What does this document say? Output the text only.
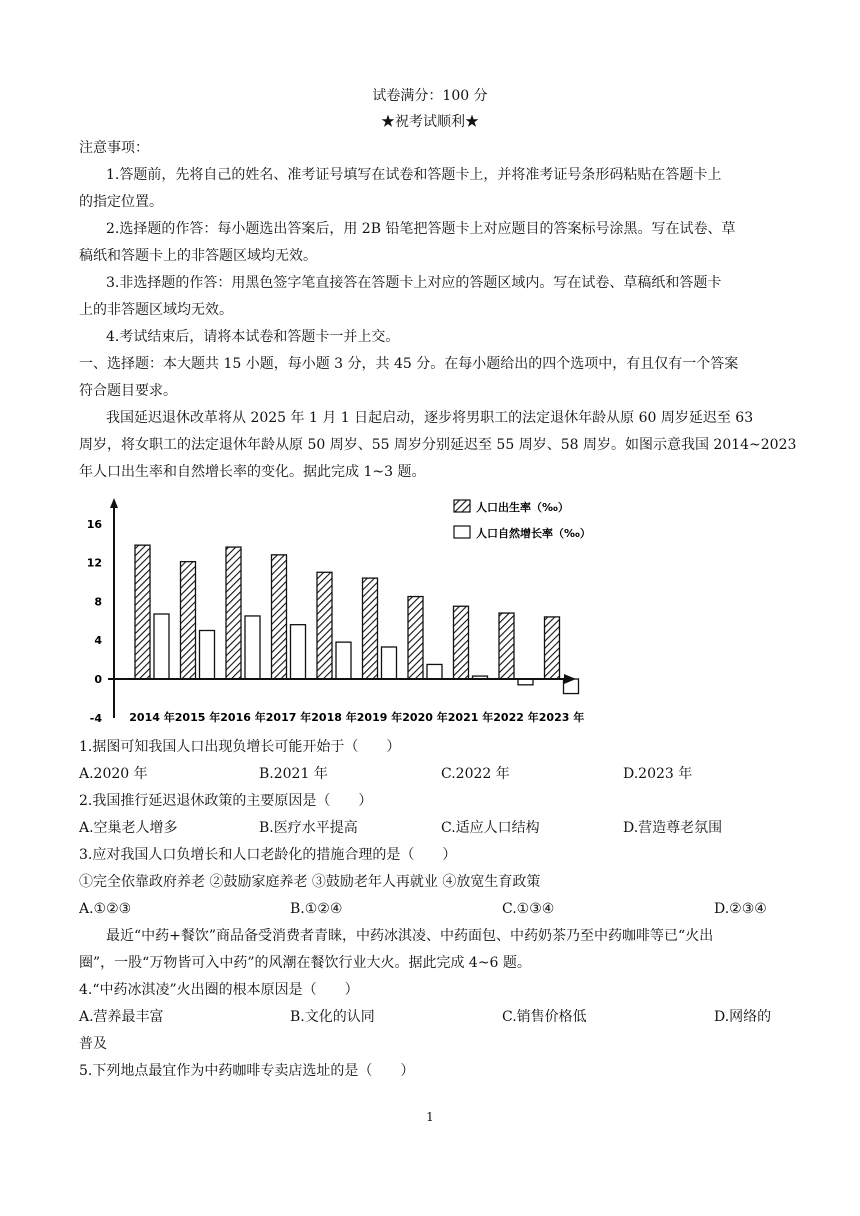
试卷满分：100 分
★祝考试顺利★
注意事项：
1.答题前，先将自己的姓名、准考证号填写在试卷和答题卡上，并将准考证号条形码粘贴在答题卡上
的指定位置。
2.选择题的作答：每小题选出答案后，用 2B 铅笔把答题卡上对应题目的答案标号涂黑。写在试卷、草
稿纸和答题卡上的非答题区域均无效。
3.非选择题的作答：用黑色签字笔直接答在答题卡上对应的答题区域内。写在试卷、草稿纸和答题卡
上的非答题区域均无效。
4.考试结束后，请将本试卷和答题卡一并上交。
一、选择题：本大题共 15 小题，每小题 3 分，共 45 分。在每小题给出的四个选项中，有且仅有一个答案
符合题目要求。
我国延迟退休改革将从 2025 年 1 月 1 日起启动，逐步将男职工的法定退休年龄从原 60 周岁延迟至 63
周岁，将女职工的法定退休年龄从原 50 周岁、55 周岁分别延迟至 55 周岁、58 周岁。如图示意我国 2014~2023
年人口出生率和自然增长率的变化。据此完成 1~3 题。
16
12
8
4
0
-4 2014 年 2015 年 2016 年 2017 年 2018 年 2019 年 2020 年 2021 年 2022 年 2023 年
人口出生率（‰）
人口自然增长率（‰）
1.据图可知我国人口出现负增长可能开始于（　　）
A.2020 年	B.2021 年	C.2022 年	D.2023 年
2.我国推行延迟退休政策的主要原因是（　　）
A.空巢老人增多	B.医疗水平提高	C.适应人口结构	D.营造尊老氛围
3.应对我国人口负增长和人口老龄化的措施合理的是（　　）
①完全依靠政府养老 ②鼓励家庭养老 ③鼓励老年人再就业 ④放宽生育政策
A.①②③	B.①②④	C.①③④	D.②③④
最近“中药+餐饮”商品备受消费者青睐，中药冰淇凌、中药面包、中药奶茶乃至中药咖啡等已“火出
圈”，一股“万物皆可入中药”的风潮在餐饮行业大火。据此完成 4~6 题。
4.“中药冰淇凌”火出圈的根本原因是（　　）
A.营养最丰富	B.文化的认同	C.销售价格低	D.网络的
普及
5.下列地点最宜作为中药咖啡专卖店选址的是（　　）
1
